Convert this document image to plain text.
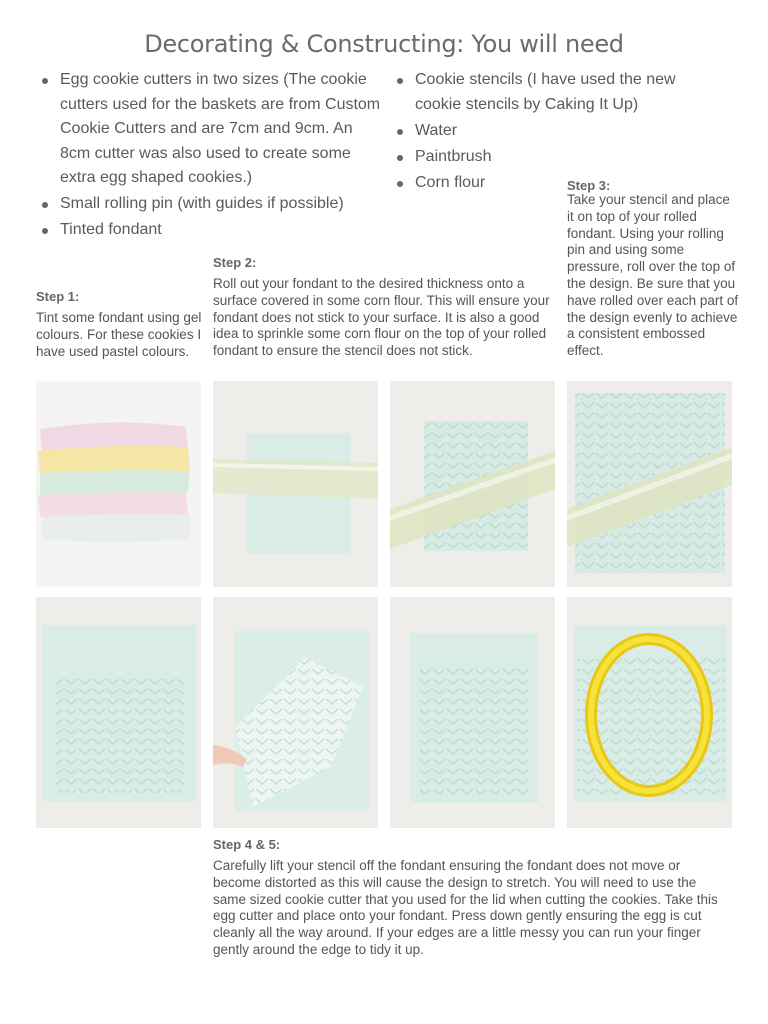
Decorating & Constructing: You will need
Egg cookie cutters in two sizes (The cookie cutters used for the baskets are from Custom Cookie Cutters and are 7cm and 9cm. An 8cm cutter was also used to create some extra egg shaped cookies.)
Small rolling pin (with guides if possible)
Tinted fondant
Cookie stencils (I have used the new cookie stencils by Caking It Up)
Water
Paintbrush
Corn flour
Step 1:
Tint some fondant using gel colours. For these cookies I have used pastel colours.
Step 2:
Roll out your fondant to the desired thickness onto a surface covered in some corn flour. This will ensure your fondant does not stick to your surface. It is also a good idea to sprinkle some corn flour on the top of your rolled fondant to ensure the stencil does not stick.
Step 3:
Take your stencil and place it on top of your rolled fondant. Using your rolling pin and using some pressure, roll over the top of the design. Be sure that you have rolled over each part of the design evenly to achieve a consistent embossed effect.
Step 4 & 5:
Carefully lift your stencil off the fondant ensuring the fondant does not move or become distorted as this will cause the design to stretch. You will need to use the same sized cookie cutter that you used for the lid when cutting the cookies. Take this egg cutter and place onto your fondant. Press down gently ensuring the egg is cut cleanly all the way around. If your edges are a little messy you can run your finger gently around the edge to tidy it up.
